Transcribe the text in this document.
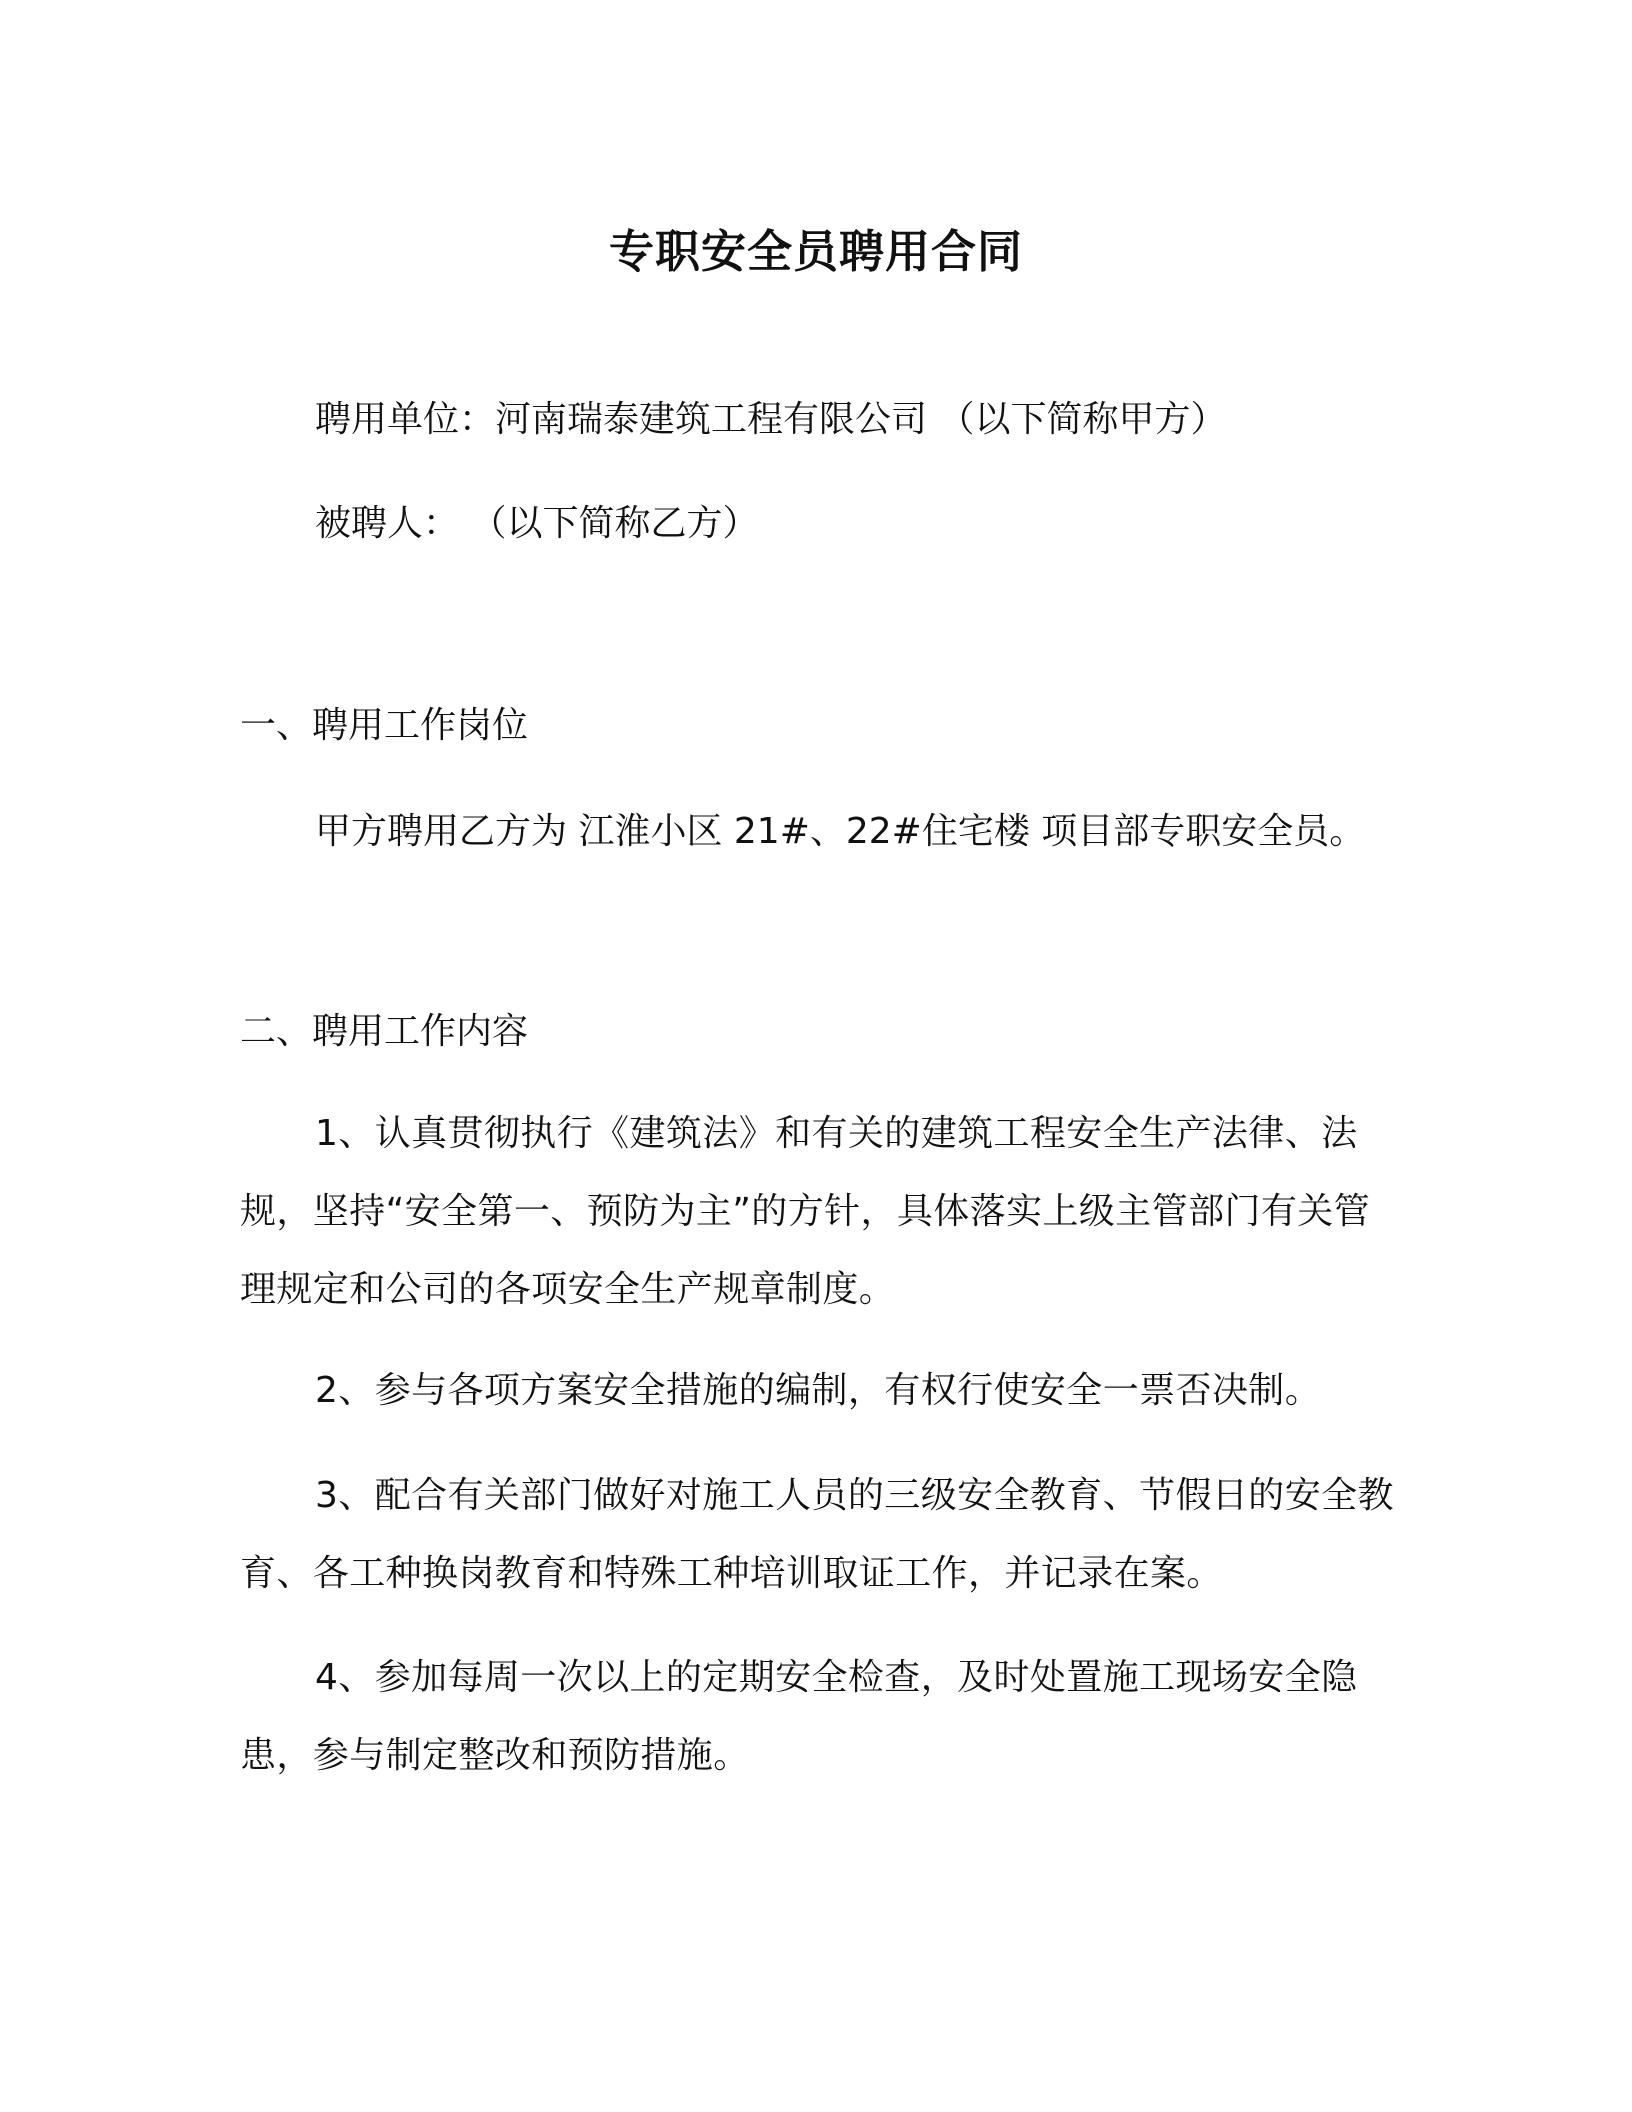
专职安全员聘用合同
聘用单位：河南瑞泰建筑工程有限公司 （以下简称甲方）
被聘人： （以下简称乙方）
一、聘用工作岗位
甲方聘用乙方为 江淮小区 21#、22#住宅楼 项目部专职安全员。
二、聘用工作内容
1、认真贯彻执行《建筑法》和有关的建筑工程安全生产法律、法规，坚持“安全第一、预防为主”的方针，具体落实上级主管部门有关管理规定和公司的各项安全生产规章制度。
2、参与各项方案安全措施的编制，有权行使安全一票否决制。
3、配合有关部门做好对施工人员的三级安全教育、节假日的安全教育、各工种换岗教育和特殊工种培训取证工作，并记录在案。
4、参加每周一次以上的定期安全检查，及时处置施工现场安全隐患，参与制定整改和预防措施。
